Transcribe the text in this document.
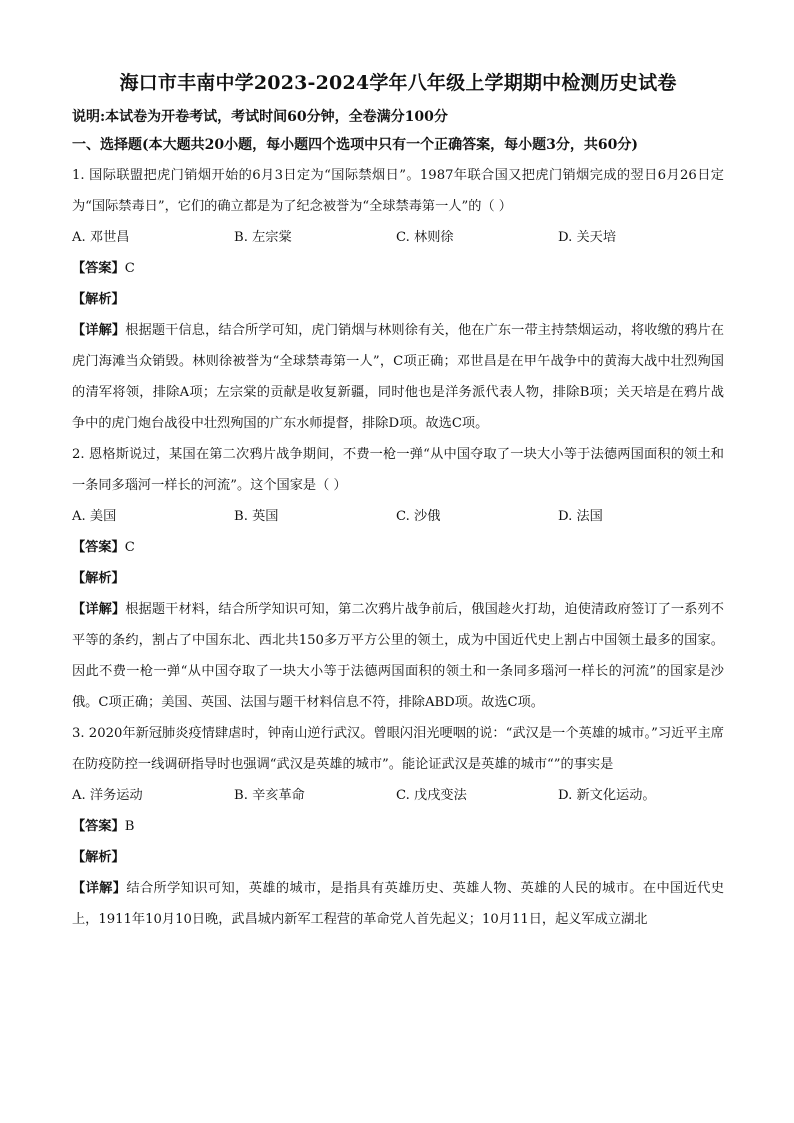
海口市丰南中学2023-2024学年八年级上学期期中检测历史试卷
说明:本试卷为开卷考试，考试时间60分钟，全卷满分100分
一、选择题(本大题共20小题，每小题四个选项中只有一个正确答案，每小题3分，共60分)
1. 国际联盟把虎门销烟开始的6月3日定为“国际禁烟日”。1987年联合国又把虎门销烟完成的翌日6月26日定为“国际禁毒日”，它们的确立都是为了纪念被誉为“全球禁毒第一人”的（ ）
A. 邓世昌	B. 左宗棠	C. 林则徐	D. 关天培
【答案】C
【解析】
【详解】根据题干信息，结合所学可知，虎门销烟与林则徐有关，他在广东一带主持禁烟运动，将收缴的鸦片在虎门海滩当众销毁。林则徐被誉为“全球禁毒第一人”，C项正确；邓世昌是在甲午战争中的黄海大战中壮烈殉国的清军将领，排除A项；左宗棠的贡献是收复新疆，同时他也是洋务派代表人物，排除B项；关天培是在鸦片战争中的虎门炮台战役中壮烈殉国的广东水师提督，排除D项。故选C项。
2. 恩格斯说过，某国在第二次鸦片战争期间，不费一枪一弹“从中国夺取了一块大小等于法德两国面积的领土和一条同多瑙河一样长的河流”。这个国家是（ ）
A. 美国	B. 英国	C. 沙俄	D. 法国
【答案】C
【解析】
【详解】根据题干材料，结合所学知识可知，第二次鸦片战争前后，俄国趁火打劫，迫使清政府签订了一系列不平等的条约，割占了中国东北、西北共150多万平方公里的领土，成为中国近代史上割占中国领土最多的国家。因此不费一枪一弹“从中国夺取了一块大小等于法德两国面积的领土和一条同多瑙河一样长的河流”的国家是沙俄。C项正确；美国、英国、法国与题干材料信息不符，排除ABD项。故选C项。
3. 2020年新冠肺炎疫情肆虐时，钟南山逆行武汉。曾眼闪泪光哽咽的说：“武汉是一个英雄的城市。”习近平主席在防疫防控一线调研指导时也强调“武汉是英雄的城市”。能论证武汉是英雄的城市“”的事实是
A. 洋务运动	B. 辛亥革命	C. 戊戌变法	D. 新文化运动。
【答案】B
【解析】
【详解】结合所学知识可知，英雄的城市，是指具有英雄历史、英雄人物、英雄的人民的城市。在中国近代史上，1911年10月10日晚，武昌城内新军工程营的革命党人首先起义；10月11日，起义军成立湖北
